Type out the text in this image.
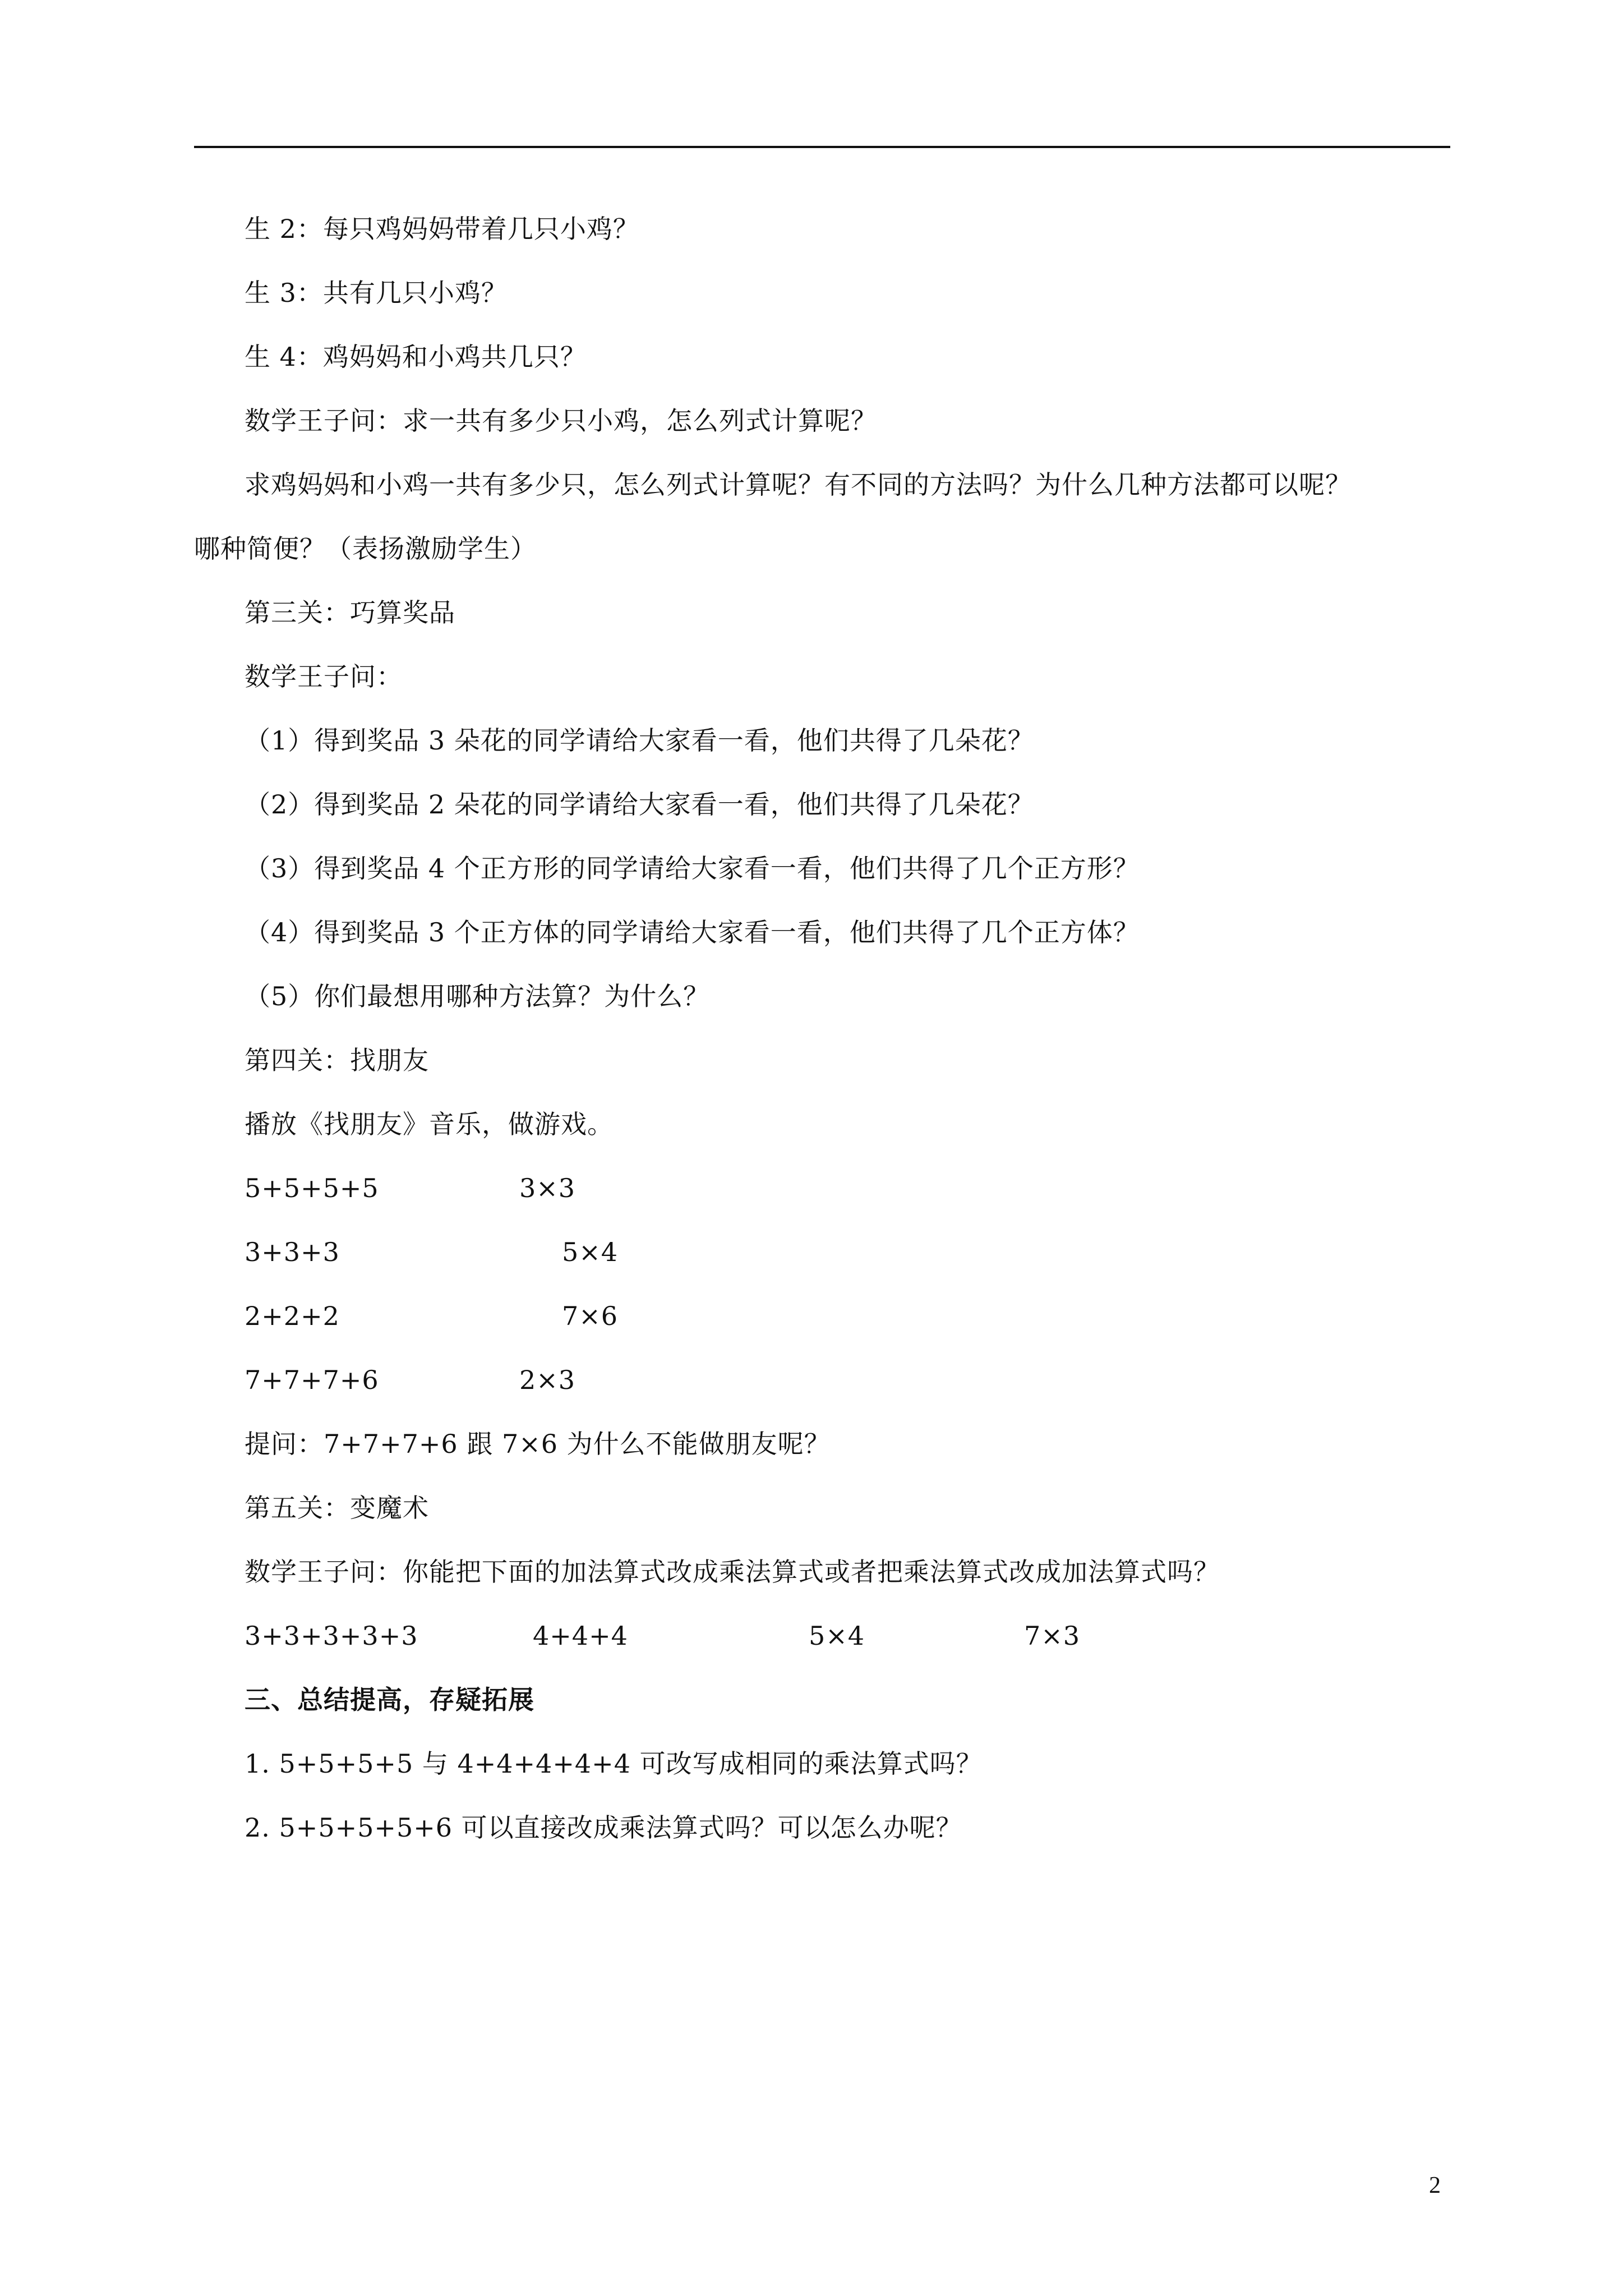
生 2：每只鸡妈妈带着几只小鸡？
生 3：共有几只小鸡？
生 4：鸡妈妈和小鸡共几只？
数学王子问：求一共有多少只小鸡，怎么列式计算呢？
求鸡妈妈和小鸡一共有多少只，怎么列式计算呢？有不同的方法吗？为什么几种方法都可以呢？
哪种简便？（表扬激励学生）
第三关：巧算奖品
数学王子问：
（1）得到奖品 3 朵花的同学请给大家看一看，他们共得了几朵花？
（2）得到奖品 2 朵花的同学请给大家看一看，他们共得了几朵花？
（3）得到奖品 4 个正方形的同学请给大家看一看，他们共得了几个正方形？
（4）得到奖品 3 个正方体的同学请给大家看一看，他们共得了几个正方体？
（5）你们最想用哪种方法算？为什么？
第四关：找朋友
播放《找朋友》音乐，做游戏。
5+5+5+5	3×3
3+3+3	5×4
2+2+2	7×6
7+7+7+6	2×3
提问：7+7+7+6 跟 7×6 为什么不能做朋友呢？
第五关：变魔术
数学王子问：你能把下面的加法算式改成乘法算式或者把乘法算式改成加法算式吗？
3+3+3+3+3	4+4+4	5×4	7×3
三、总结提高，存疑拓展
1. 5+5+5+5 与 4+4+4+4+4 可改写成相同的乘法算式吗？
2. 5+5+5+5+6 可以直接改成乘法算式吗？可以怎么办呢？
2
